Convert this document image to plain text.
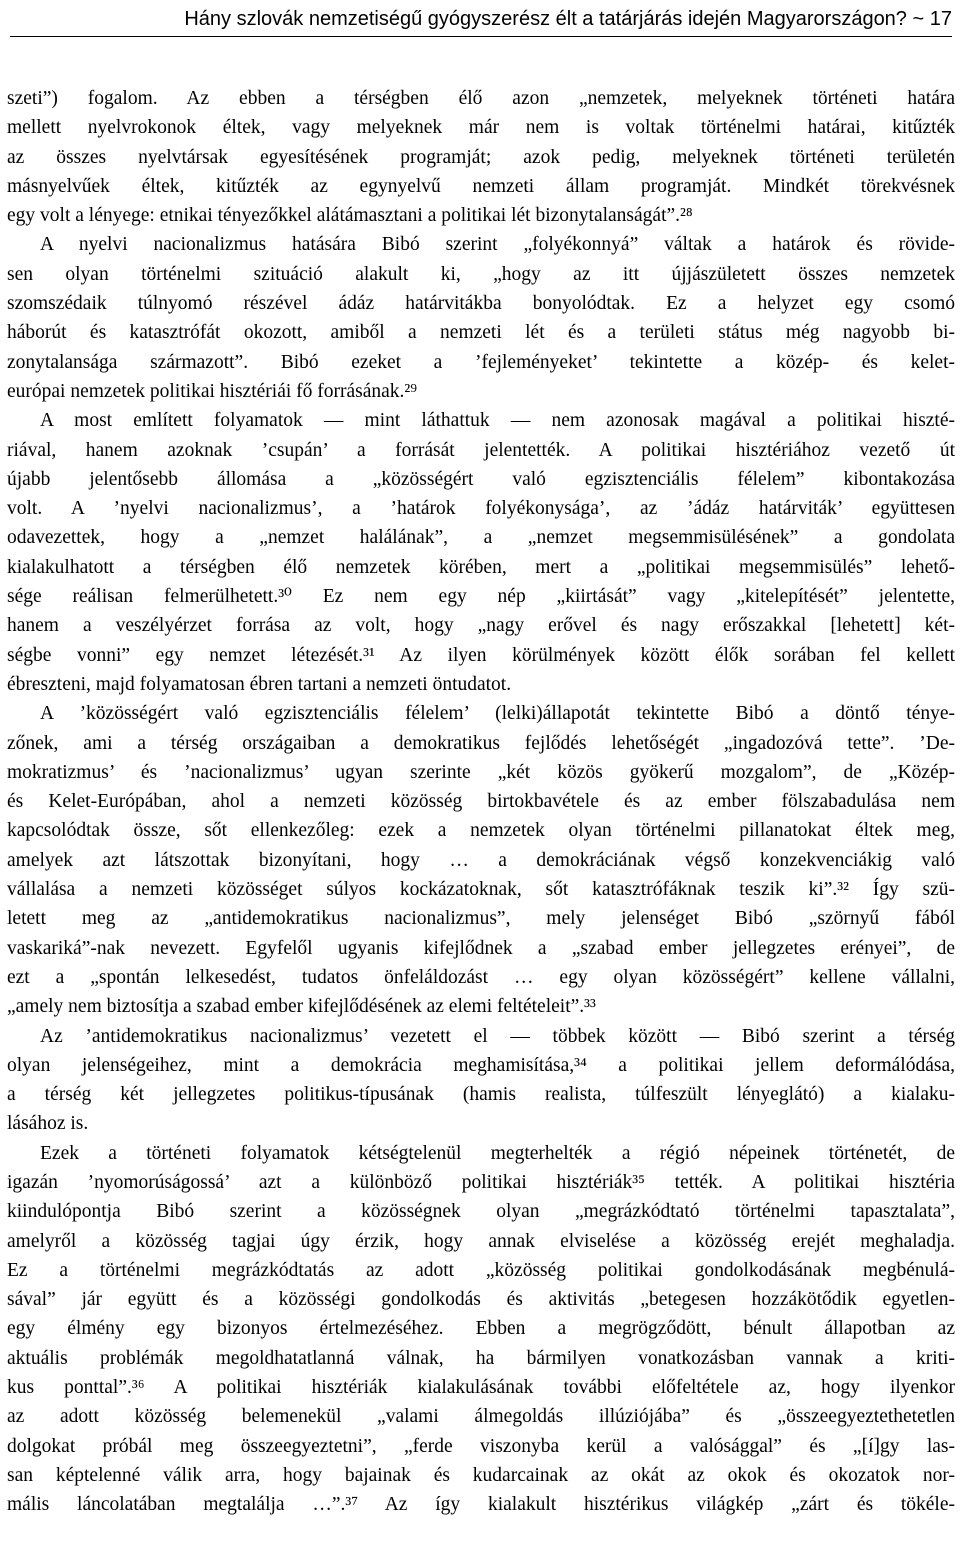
Hány szlovák nemzetiségű gyógyszerész élt a tatárjárás idején Magyarországon? ~ 17
szeti”) fogalom. Az ebben a térségben élő azon „nemzetek, melyeknek történeti határa
mellett nyelvrokonok éltek, vagy melyeknek már nem is voltak történelmi határai, kitűzték
az összes nyelvtársak egyesítésének programját; azok pedig, melyeknek történeti területén
másnyelvűek éltek, kitűzték az egynyelvű nemzeti állam programját. Mindkét törekvésnek
egy volt a lényege: etnikai tényezőkkel alátámasztani a politikai lét bizonytalanságát”.²⁸
A nyelvi nacionalizmus hatására Bibó szerint „folyékonnyá” váltak a határok és rövide-
sen olyan történelmi szituáció alakult ki, „hogy az itt újjászületett összes nemzetek
szomszédaik túlnyomó részével ádáz határvitákba bonyolódtak. Ez a helyzet egy csomó
háborút és katasztrófát okozott, amiből a nemzeti lét és a területi státus még nagyobb bi-
zonytalansága származott”. Bibó ezeket a ’fejleményeket’ tekintette a közép- és kelet-
európai nemzetek politikai hisztériái fő forrásának.²⁹
A most említett folyamatok ― mint láthattuk ― nem azonosak magával a politikai hiszté-
riával, hanem azoknak ’csupán’ a forrását jelentették. A politikai hisztériához vezető út
újabb jelentősebb állomása a „közösségért való egzisztenciális félelem” kibontakozása
volt. A ’nyelvi nacionalizmus’, a ’határok folyékonysága’, az ’ádáz határviták’ együttesen
odavezettek, hogy a „nemzet halálának”, a „nemzet megsemmisülésének” a gondolata
kialakulhatott a térségben élő nemzetek körében, mert a „politikai megsemmisülés” lehető-
sége reálisan felmerülhetett.³⁰ Ez nem egy nép „kiirtását” vagy „kitelepítését” jelentette,
hanem a veszélyérzet forrása az volt, hogy „nagy erővel és nagy erőszakkal [lehetett] két-
ségbe vonni” egy nemzet létezését.³¹ Az ilyen körülmények között élők sorában fel kellett
ébreszteni, majd folyamatosan ébren tartani a nemzeti öntudatot.
A ’közösségért való egzisztenciális félelem’ (lelki)állapotát tekintette Bibó a döntő ténye-
zőnek, ami a térség országaiban a demokratikus fejlődés lehetőségét „ingadozóvá tette”. ’De-
mokratizmus’ és ’nacionalizmus’ ugyan szerinte „két közös gyökerű mozgalom”, de „Közép-
és Kelet-Európában, ahol a nemzeti közösség birtokbavétele és az ember fölszabadulása nem
kapcsolódtak össze, sőt ellenkezőleg: ezek a nemzetek olyan történelmi pillanatokat éltek meg,
amelyek azt látszottak bizonyítani, hogy … a demokráciának végső konzekvenciákig való
vállalása a nemzeti közösséget súlyos kockázatoknak, sőt katasztrófáknak teszik ki”.³² Így szü-
letett meg az „antidemokratikus nacionalizmus”, mely jelenséget Bibó „szörnyű fából
vaskariká”-nak nevezett. Egyfelől ugyanis kifejlődnek a „szabad ember jellegzetes erényei”, de
ezt a „spontán lelkesedést, tudatos önfeláldozást … egy olyan közösségért” kellene vállalni,
„amely nem biztosítja a szabad ember kifejlődésének az elemi feltételeit”.³³
Az ’antidemokratikus nacionalizmus’ vezetett el ― többek között ― Bibó szerint a térség
olyan jelenségeihez, mint a demokrácia meghamisítása,³⁴ a politikai jellem deformálódása,
a térség két jellegzetes politikus-típusának (hamis realista, túlfeszült lényeglátó) a kialaku-
lásához is.
Ezek a történeti folyamatok kétségtelenül megterhelték a régió népeinek történetét, de
igazán ’nyomorúságossá’ azt a különböző politikai hisztériák³⁵ tették. A politikai hisztéria
kiindulópontja Bibó szerint a közösségnek olyan „megrázkódtató történelmi tapasztalata”,
amelyről a közösség tagjai úgy érzik, hogy annak elviselése a közösség erejét meghaladja.
Ez a történelmi megrázkódtatás az adott „közösség politikai gondolkodásának megbénulá-
sával” jár együtt és a közösségi gondolkodás és aktivitás „betegesen hozzákötődik egyetlen-
egy élmény egy bizonyos értelmezéséhez. Ebben a megrögződött, bénult állapotban az
aktuális problémák megoldhatatlanná válnak, ha bármilyen vonatkozásban vannak a kriti-
kus ponttal”.³⁶ A politikai hisztériák kialakulásának további előfeltétele az, hogy ilyenkor
az adott közösség belemenekül „valami álmegoldás illúziójába” és „összeegyeztethetetlen
dolgokat próbál meg összeegyeztetni”, „ferde viszonyba kerül a valósággal” és „[í]gy las-
san képtelenné válik arra, hogy bajainak és kudarcainak az okát az okok és okozatok nor-
mális láncolatában megtalálja …”.³⁷ Az így kialakult hisztérikus világkép „zárt és tökéle-
